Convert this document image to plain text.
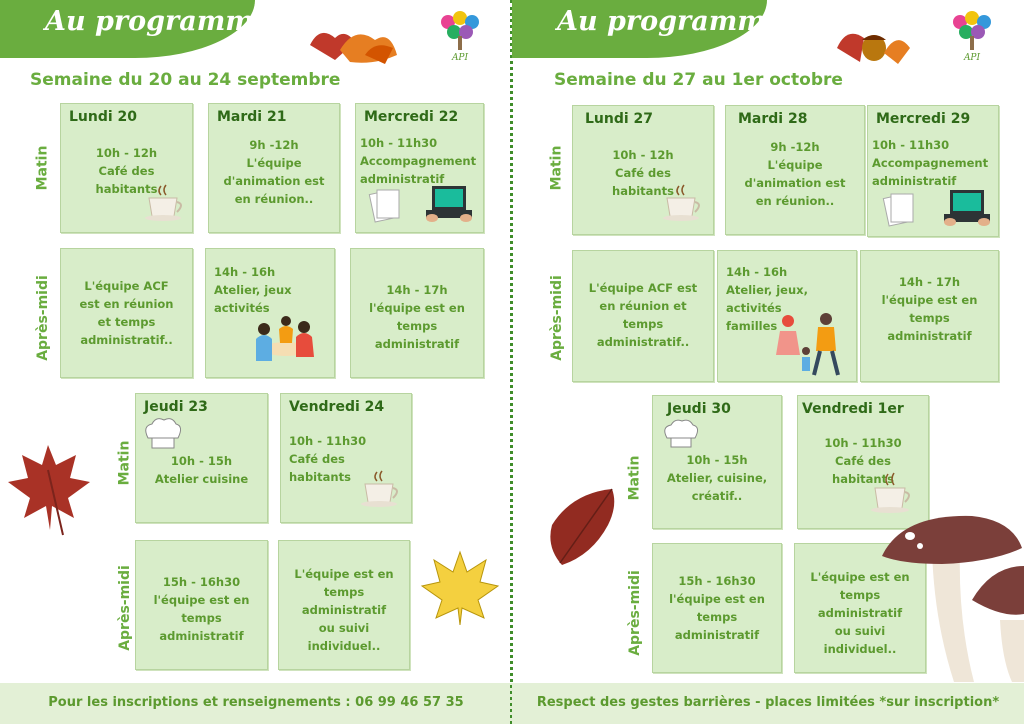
Au programme
API
Semaine du 20 au 24 septembre
Matin
Après-midi
Lundi 20
10h - 12h
Café des
habitants
Mardi 21
9h -12h
L'équipe
d'animation est
en réunion..
Mercredi 22
10h - 11h30
Accompagnement
administratif
L'équipe ACF
est en réunion
et temps
administratif..
14h - 16h
Atelier, jeux
activités
14h - 17h
l'équipe est en
temps
administratif
Matin
Après-midi
Jeudi 23
10h - 15h
Atelier cuisine
Vendredi 24
10h - 11h30
Café des
habitants
15h - 16h30
l'équipe est en
temps
administratif
L'équipe est en
temps
administratif
ou suivi
individuel..
Pour les inscriptions et renseignements : 06 99 46 57 35
Au programme
API
Semaine du 27 au 1er octobre
Matin
Après-midi
Lundi 27
10h - 12h
Café des
habitants
Mardi 28
9h -12h
L'équipe
d'animation est
en réunion..
Mercredi 29
10h - 11h30
Accompagnement
administratif
L'équipe ACF est
en réunion et
temps
administratif..
14h - 16h
Atelier, jeux,
activités
familles
14h - 17h
l'équipe est en
temps
administratif
Matin
Après-midi
Jeudi 30
10h - 15h
Atelier, cuisine,
créatif..
Vendredi 1er
10h - 11h30
Café des
habitants
15h - 16h30
l'équipe est en
temps
administratif
L'équipe est en
temps
administratif
ou suivi
individuel..
Respect des gestes barrières - places limitées *sur inscription*
